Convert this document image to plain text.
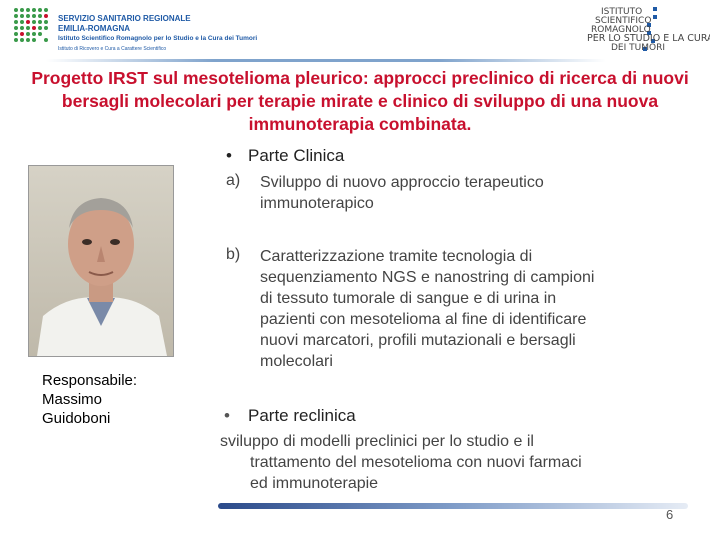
SERVIZIO SANITARIO REGIONALE
EMILIA-ROMAGNA
Istituto Scientifico Romagnolo per lo Studio e la Cura dei Tumori
Istituto di Ricovero e Cura a Carattere Scientifico
ISTITUTO
SCIENTIFICO
ROMAGNOLO
PER LO STUDIO E LA CURA
DEI TUMORI
Progetto IRST sul mesotelioma pleurico: approcci preclinico di ricerca di nuovi bersagli molecolari per terapie mirate e clinico di sviluppo di una nuova immunoterapia combinata.
Responsabile:
Massimo
Guidoboni
• Parte Clinica
a) Sviluppo di nuovo approccio terapeutico
immunoterapico
b) Caratterizzazione tramite tecnologia di
sequenziamento NGS e nanostring di campioni
di tessuto tumorale di sangue e di urina in
pazienti con mesotelioma al fine di identificare
nuovi marcatori, profili mutazionali e bersagli
molecolari
• Parte reclinica
sviluppo di modelli preclinici per lo studio e il
trattamento del mesotelioma con nuovi farmaci
ed immunoterapie
6
